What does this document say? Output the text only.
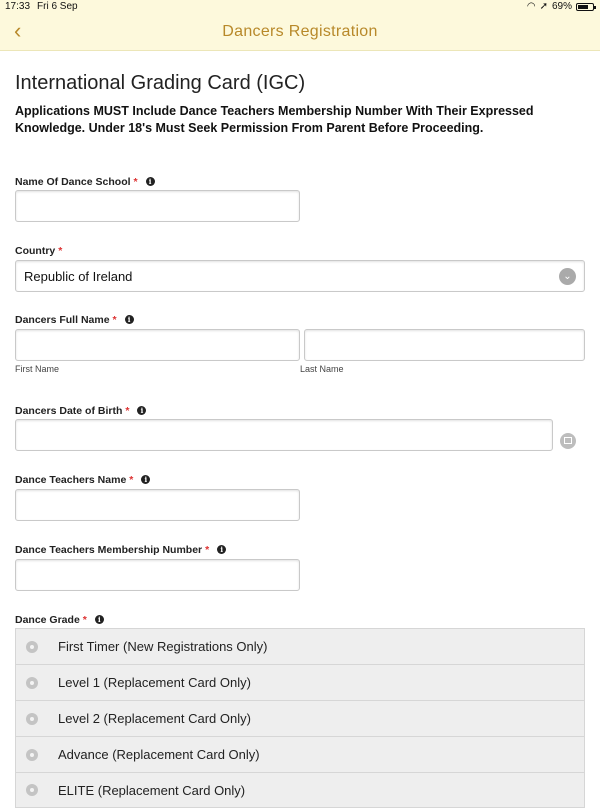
17:33 Fri 6 Sep	◠ ➚ 69%
‹	Dancers Registration
International Grading Card (IGC)
Applications MUST Include Dance Teachers Membership Number With Their Expressed Knowledge. Under 18's Must Seek Permission From Parent Before Proceeding.
Name Of Dance School * i
Country *
Republic of Ireland	⌄
Dancers Full Name * i
First Name	Last Name
Dancers Date of Birth * i
Dance Teachers Name * i
Dance Teachers Membership Number * i
Dance Grade * i
First Timer (New Registrations Only)
Level 1 (Replacement Card Only)
Level 2 (Replacement Card Only)
Advance (Replacement Card Only)
ELITE (Replacement Card Only)
